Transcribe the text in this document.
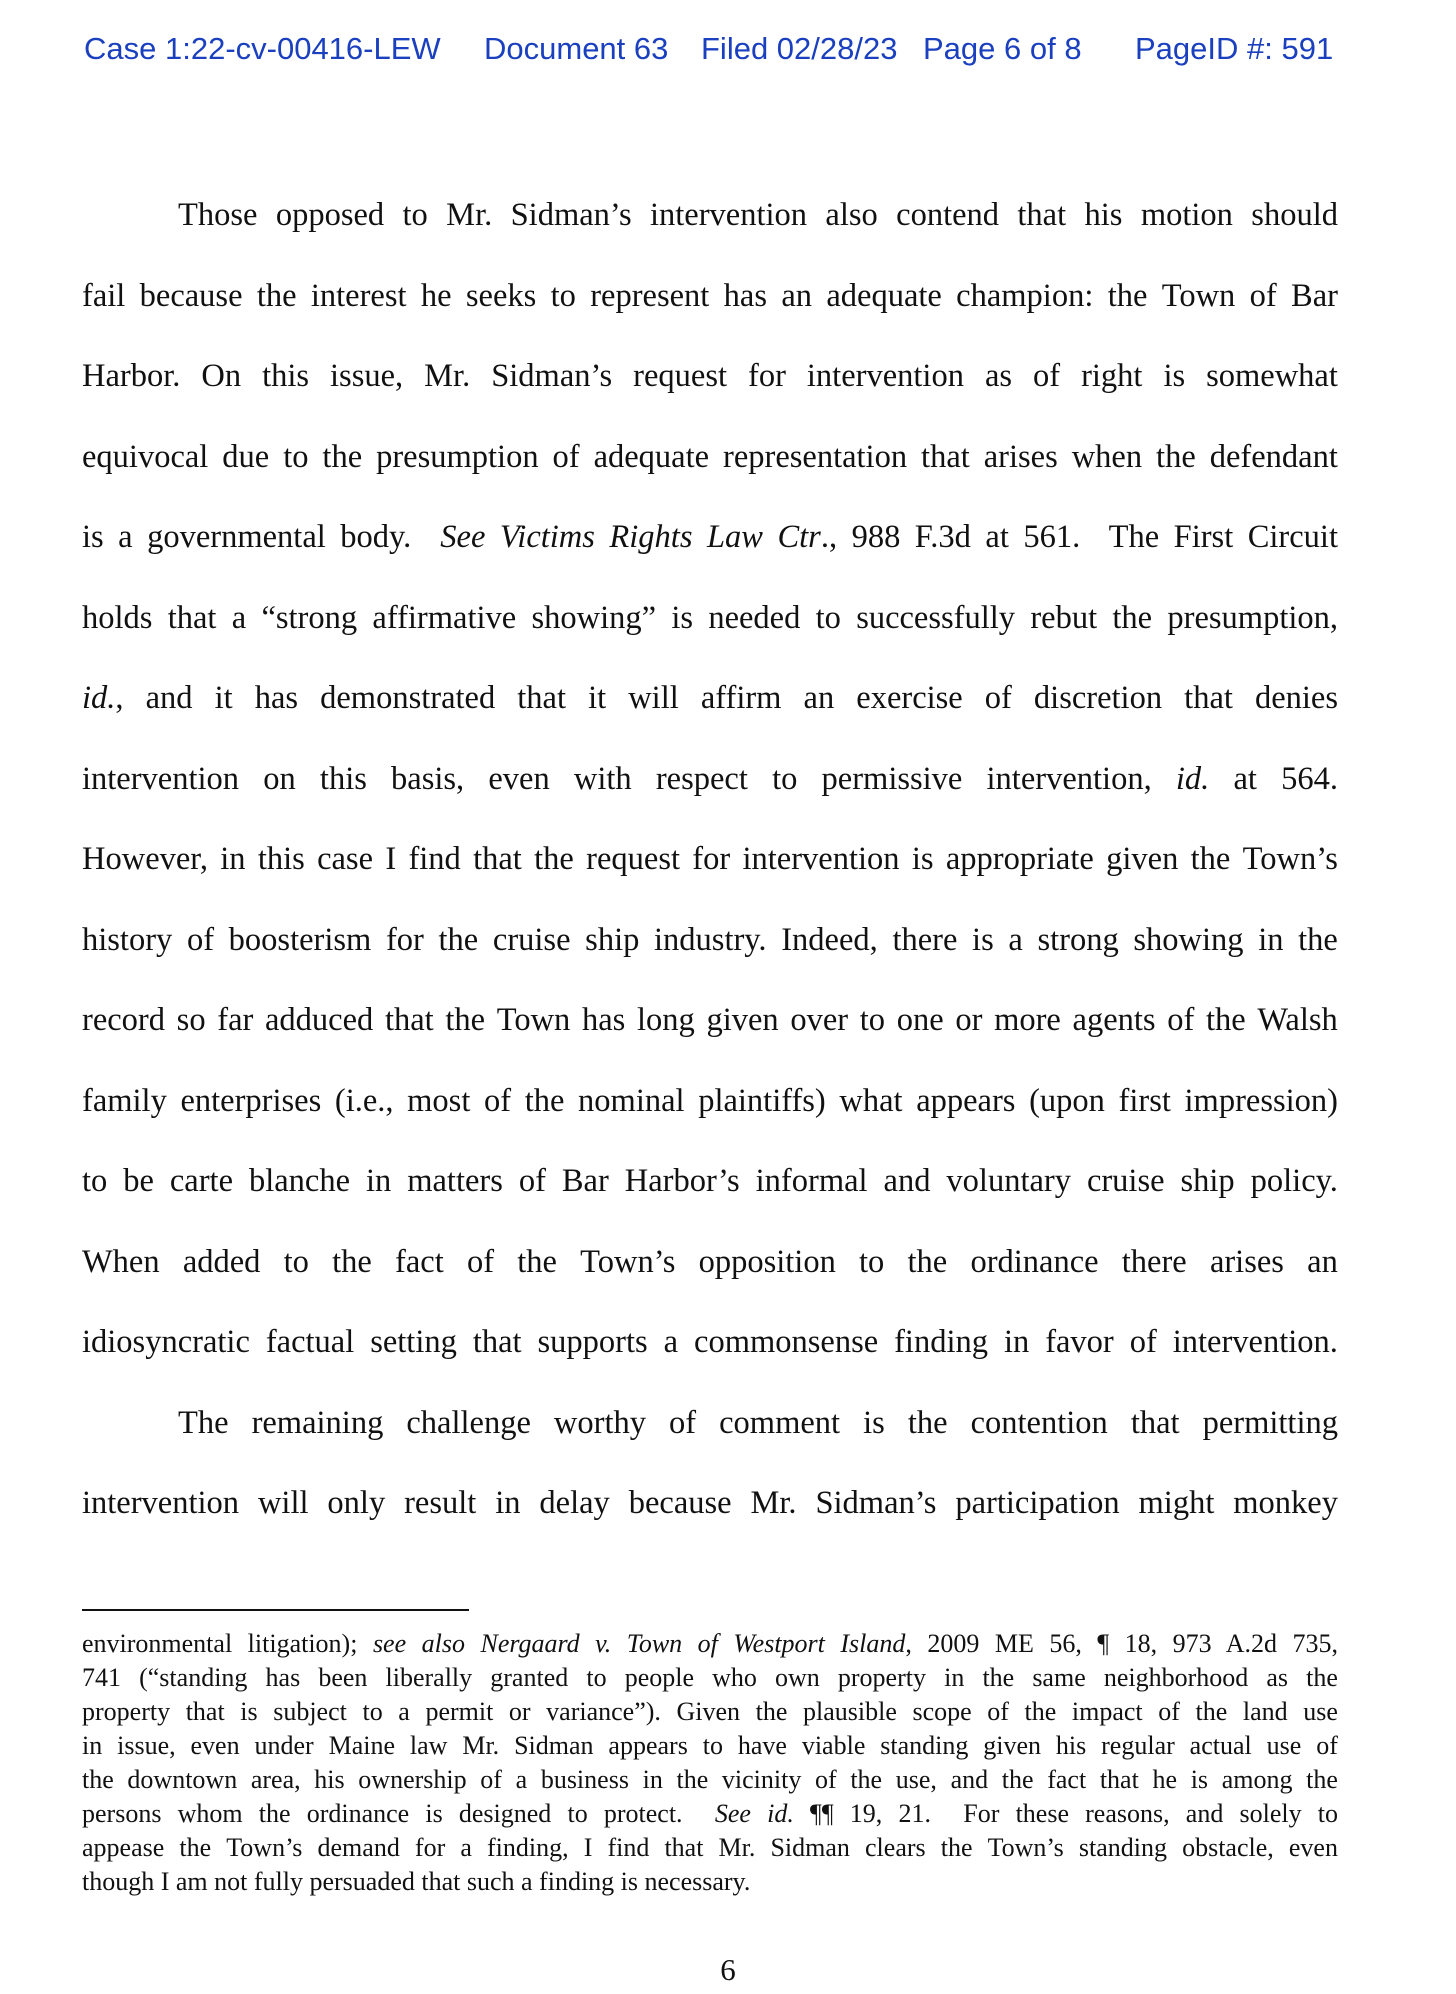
Case 1:22-cv-00416-LEW Document 63 Filed 02/28/23 Page 6 of 8 PageID #: 591
Those opposed to Mr. Sidman’s intervention also contend that his motion should
fail because the interest he seeks to represent has an adequate champion: the Town of Bar
Harbor. On this issue, Mr. Sidman’s request for intervention as of right is somewhat
equivocal due to the presumption of adequate representation that arises when the defendant
is a governmental body.  See Victims Rights Law Ctr., 988 F.3d at 561.  The First Circuit
holds that a “strong affirmative showing” is needed to successfully rebut the presumption,
id., and it has demonstrated that it will affirm an exercise of discretion that denies
intervention on this basis, even with respect to permissive intervention, id. at 564.
However, in this case I find that the request for intervention is appropriate given the Town’s
history of boosterism for the cruise ship industry. Indeed, there is a strong showing in the
record so far adduced that the Town has long given over to one or more agents of the Walsh
family enterprises (i.e., most of the nominal plaintiffs) what appears (upon first impression)
to be carte blanche in matters of Bar Harbor’s informal and voluntary cruise ship policy.
When added to the fact of the Town’s opposition to the ordinance there arises an
idiosyncratic factual setting that supports a commonsense finding in favor of intervention.
The remaining challenge worthy of comment is the contention that permitting
intervention will only result in delay because Mr. Sidman’s participation might monkey
environmental litigation); see also Nergaard v. Town of Westport Island, 2009 ME 56, ¶ 18, 973 A.2d 735,
741 (“standing has been liberally granted to people who own property in the same neighborhood as the
property that is subject to a permit or variance”). Given the plausible scope of the impact of the land use
in issue, even under Maine law Mr. Sidman appears to have viable standing given his regular actual use of
the downtown area, his ownership of a business in the vicinity of the use, and the fact that he is among the
persons whom the ordinance is designed to protect.  See id. ¶¶ 19, 21.  For these reasons, and solely to
appease the Town’s demand for a finding, I find that Mr. Sidman clears the Town’s standing obstacle, even
though I am not fully persuaded that such a finding is necessary.
6
